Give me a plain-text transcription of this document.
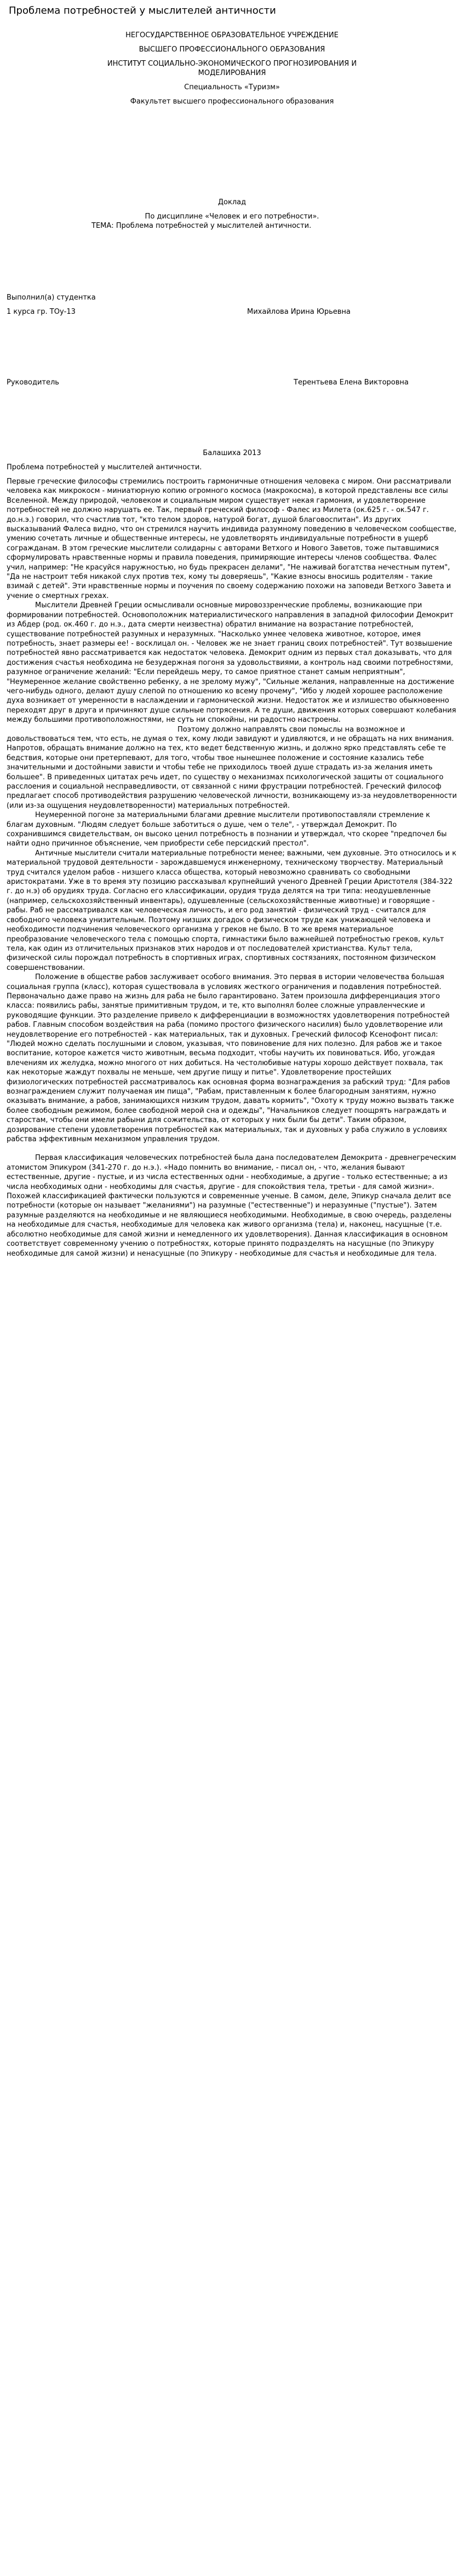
Проблема потребностей у мыслителей античности
НЕГОСУДАРСТВЕННОЕ ОБРАЗОВАТЕЛЬНОЕ УЧРЕЖДЕНИЕ
ВЫСШЕГО ПРОФЕССИОНАЛЬНОГО ОБРАЗОВАНИЯ
ИНСТИТУТ СОЦИАЛЬНО-ЭКОНОМИЧЕСКОГО ПРОГНОЗИРОВАНИЯ И
МОДЕЛИРОВАНИЯ
Специальность «Туризм»
Факультет высшего профессионального образования
Доклад
По дисциплине «Человек и его потребности».
ТЕМА: Проблема потребностей у мыслителей античности.
Выполнил(а) студентка
1 курса гр. ТОу-13	Михайлова Ирина Юрьевна
Руководитель	Терентьева Елена Викторовна
Балашиха 2013
Проблема потребностей у мыслителей античности.

Первые греческие философы стремились построить гармоничные отношения человека с миром. Они рассматривали человека как микрокосм - миниатюрную копию огромного космоса (макрокосма), в которой представлены все силы Вселенной. Между природой, человеком и социальным миром существует некая гармония, и удовлетворение потребностей не должно нарушать ее. Так, первый греческий философ - Фалес из Милета (ок.625 г. - ок.547 г. до.н.э.) говорил, что счастлив тот, "кто телом здоров, натурой богат, душой благовоспитан". Из других высказываний Фалеса видно, что он стремился научить индивида разумному поведению в человеческом сообществе, умению сочетать личные и общественные интересы, не удовлетворять индивидуальные потребности в ущерб согражданам. В этом греческие мыслители солидарны с авторами Ветхого и Нового Заветов, тоже пытавшимися сформулировать нравственные нормы и правила поведения, примиряющие интересы членов сообщества. Фалес учил, например: "Не красуйся наружностью, но будь прекрасен делами", "Не наживай богатства нечестным путем", "Да не настроит тебя никакой слух против тех, кому ты доверяешь", "Какие взносы вносишь родителям - такие взимай с детей". Эти нравственные нормы и поучения по своему содержанию похожи на заповеди Ветхого Завета и учение о смертных грехах.

Мыслители Древней Греции осмысливали основные мировоззренческие проблемы, возникающие при формировании потребностей. Основоположник материалистического направления в западной философии Демокрит из Абдер (род. ок.460 г. до н.э., дата смерти неизвестна) обратил внимание на возрастание потребностей, существование потребностей разумных и неразумных. "Насколько умнее человека животное, которое, имея потребность, знает размеры ее! - восклицал он. - Человек же не знает границ своих потребностей". Тут возвышение потребностей явно рассматривается как недостаток человека. Демокрит одним из первых стал доказывать, что для достижения счастья необходима не безудержная погоня за удовольствиями, а контроль над своими потребностями, разумное ограничение желаний: "Если перейдешь меру, то самое приятное станет самым неприятным", "Неумеренное желание свойственно ребенку, а не зрелому мужу", "Сильные желания, направленные на достижение чего-нибудь одного, делают душу слепой по отношению ко всему прочему", "Ибо у людей хорошее расположение духа возникает от умеренности в наслаждении и гармонической жизни. Недостаток же и излишество обыкновенно переходят друг в друга и причиняют душе сильные потрясения. А те души, движения которых совершают колебания между большими противоположностями, не суть ни спокойны, ни радостно настроены.

Поэтому должно направлять свои помыслы на возможное и довольствоваться тем, что есть, не думая о тех, кому люди завидуют и удивляются, и не обращать на них внимания. Напротов, обращать внимание должно на тех, кто ведет бедственную жизнь, и должно ярко представлять себе те бедствия, которые они претерпевают, для того, чтобы твое нынешнее положение и состояние казались тебе значительными и достойными зависти и чтобы тебе не приходилось твоей душе страдать из-за желания иметь большее". В приведенных цитатах речь идет, по существу о механизмах психологической защиты от социального расслоения и социальной несправедливости, от связанной с ними фрустрации потребностей. Греческий философ предлагает способ противодействия разрушению человеческой личности, возникающему из-за неудовлетворенности (или из-за ощущения неудовлетворенности) материальных потребностей.

Неумеренной погоне за материальными благами древние мыслители противопоставляли стремление к благам духовным. "Людям следует больше заботиться о душе, чем о теле", - утверждал Демокрит. По сохранившимся свидетельствам, он высоко ценил потребность в познании и утверждал, что скорее "предпочел бы найти одно причинное объяснение, чем приобрести себе персидский престол".

Античные мыслители считали материальные потребности менее; важными, чем духовные. Это относилось и к материальной трудовой деятельности - зарождавшемуся инженерному, техническому творчеству. Материальный труд считался уделом рабов - низшего класса общества, который невозможно сравнивать со свободными аристократами. Уже в то время эту позицию рассказывал крупнейший ученого Древней Греции Аристотеля (384-322 г. до н.э) об орудиях труда. Согласно его классификации, орудия труда делятся на три типа: неодушевленные (например, сельскохозяйственный инвентарь), одушевленные (сельскохозяйственные животные) и говорящие - рабы. Раб не рассматривался как человеческая личность, и его род занятий - физический труд - считался для свободного человека унизительным. Поэтому низших догадок о физическом труде как унижающей человека и необходимости подчинения человеческого организма у греков не было. В то же время материальное преобразование человеческого тела с помощью спорта, гимнастики было важнейшей потребностью греков, культ тела, как один из отличительных признаков этих народов и от последователей христианства. Культ тела, физической силы порождал потребность в спортивных играх, спортивных состязаниях, постоянном физическом совершенствовании.

Положение в обществе рабов заслуживает особого внимания. Это первая в истории человечества большая социальная группа (класс), которая существовала в условиях жесткого ограничения и подавления потребностей. Первоначально даже право на жизнь для раба не было гарантировано. Затем произошла дифференциация этого класса: появились рабы, занятые примитивным трудом, и те, кто выполнял более сложные управленческие и руководящие функции. Это разделение привело к дифференциации в возможностях удовлетворения потребностей рабов. Главным способом воздействия на раба (помимо простого физического насилия) было удовлетворение или неудовлетворение его потребностей - как материальных, так и духовных. Греческий философ Ксенофонт писал: "Людей можно сделать послушными и словом, указывая, что повиновение для них полезно. Для рабов же и такое воспитание, которое кажется чисто животным, весьма подходит, чтобы научить их повиноваться. Ибо, угождая влечениям их желудка, можно многого от них добиться. На честолюбивые натуры хорошо действует похвала, так как некоторые жаждут похвалы не меньше, чем другие пищу и питье". Удовлетворение простейших физиологических потребностей рассматривалось как основная форма вознаграждения за рабский труд: "Для рабов вознаграждением служит получаемая им пища", "Рабам, приставленным к более благородным занятиям, нужно оказывать внимание, а рабов, занимающихся низким трудом, давать кормить", "Охоту к труду можно вызвать также более свободным режимом, более свободной мерой сна и одежды", "Начальников следует поощрять награждать и старостам, чтобы они имели рабыни для сожительства, от которых у них были бы дети". Таким образом, дозирование степени удовлетворения потребностей как материальных, так и духовных у раба служило в условиях рабства эффективным механизмом управления трудом.

Первая классификация человеческих потребностей была дана последователем Демокрита - древнегреческим атомистом Эпикуром (341-270 г. до н.э.). «Надо помнить во внимание, - писал он, - что, желания бывают естественные, другие - пустые, и из числа естественных одни - необходимые, а другие - только естественные; а из числа необходимых одни - необходимы для счастья, другие - для спокойствия тела, третьи - для самой жизни». Похожей классификацией фактически пользуются и современные ученые. В самом, деле, Эпикур сначала делит все потребности (которые он называет "желаниями") на разумные ("естественные") и неразумные ("пустые"). Затем разумные разделяются на необходимые и не являющиеся необходимыми. Необходимые, в свою очередь, разделены на необходимые для счастья, необходимые для человека как живого организма (тела) и, наконец, насущные (т.е. абсолютно необходимые для самой жизни и немедленного их удовлетворения). Данная классификация в основном соответствует современному учению о потребностях, которые принято подразделять на насущные (по Эпикуру необходимые для самой жизни) и ненасущные (по Эпикуру - необходимые для счастья и необходимые для тела.
